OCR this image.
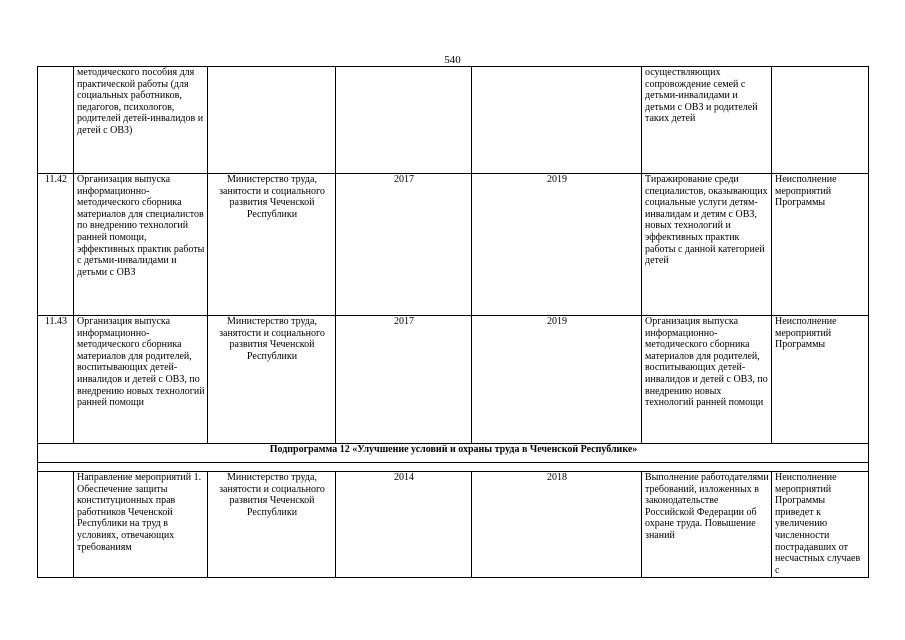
540
	методического пособия для практической работы (для социальных работников, педагогов, психологов, родителей детей-инвалидов и детей с ОВЗ)				осуществляющих сопровождение семей с детьми-инвалидами и детьми с ОВЗ и родителей таких детей	
11.42	Организация выпуска информационно-методического сборника материалов для специалистов по внедрению технологий ранней помощи, эффективных практик работы с детьми-инвалидами и детьми с ОВЗ	Министерство труда, занятости и социального развития Чеченской Республики	2017	2019	Тиражирование среди специалистов, оказывающих социальные услуги детям-инвалидам и детям с ОВЗ, новых технологий и эффективных практик работы с данной категорией детей	Неисполнение мероприятий Программы
11.43	Организация выпуска информационно-методического сборника материалов для родителей, воспитывающих детей-инвалидов и детей с ОВЗ, по внедрению новых технологий ранней помощи	Министерство труда, занятости и социального развития Чеченской Республики	2017	2019	Организация выпуска информационно-методического сборника материалов для родителей, воспитывающих детей-инвалидов и детей с ОВЗ, по внедрению новых технологий ранней помощи	Неисполнение мероприятий Программы
Подпрограмма 12 «Улучшение условий и охраны труда в Чеченской Республике»						

	Направление мероприятий 1. Обеспечение защиты конституционных прав работников Чеченской Республики на труд в условиях, отвечающих требованиям	Министерство труда, занятости и социального развития Чеченской Республики	2014	2018	Выполнение работодателями требований, изложенных в законодательстве Российской Федерации об охране труда. Повышение знаний	Неисполнение мероприятий Программы приведет к увеличению численности пострадавших от несчастных случаев с
